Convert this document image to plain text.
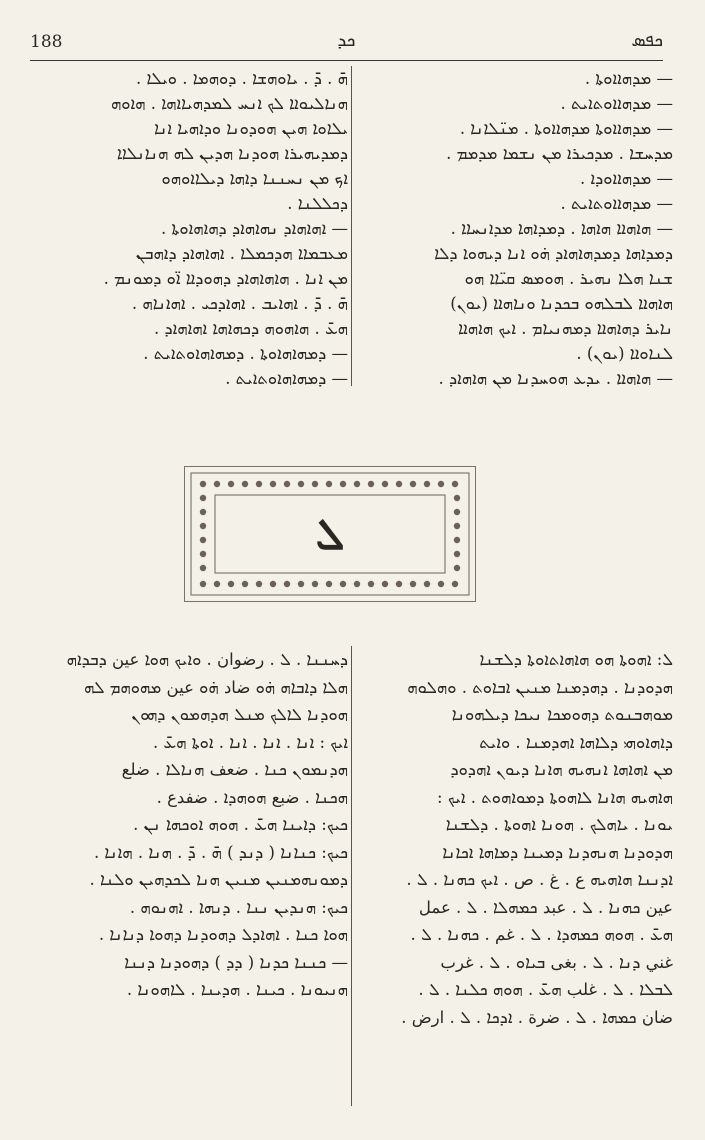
188	ܟܕ	ܟܦܣ
— ܡܕܗܐܐܘܬܐ .
— ܡܕܗܐܐܘܬܐܝܬ .
— ܡܕܗܐܐܘܬܐ ܡܕܗܐܐܘܬܐ . ܡܢ̈ܠܐܢܐ .
ܡܕܚܫܐ . ܡܕܟܝܪܐ ܡܢ ܢܫܡܐ ܡܕܡܡ .
— ܡܕܗܐܐܘܕܐ .
— ܡܕܗܐܐܘܬܐܝܬ .
— ܗܐܗܐܐ ܗܐܗܐ . ܕܡܕܐܗܐ ܡܕܐܢܚܐܐ .
ܕܡܕܐܗܐ ܕܡܕܗܐܗܐܕ ܗ̇ܘ ܐܢܐ ܕܝܗܘܐ ܕܠܐ
ܫܢܐ ܗܠܐ ܢܗܝܪ . ܗܘܡܣ ܩܝ̈ܐܐ ܗܘ
ܗܐܗܐܐ ܠܒܠܗܘ ܒܟܕܢܐ ܘܢܐܗܐܐ (ܝܘܢ)
ܢܐܝܪ ܕܗܐܗܐܐ ܕܡܗܢܝܐܡ . ܐܝܟ ܗܐܗܐܐ
ܠܢܐܘܐܐ (ܝܘܢ) .
— ܗܐܗܐܐ . ܝܕܥ ܗܘܚܕܢܐ ܡܢ ܗܐܗܐܕ .
ܗ̄ . ܕ̄ . ܝܐܘܗܫܐ . ܕܘܗܡܐ . ܘܝܠܐ .
ܗܢܐܠܝܘܐܐ ܠܟ ܐܢܚ ܠܡܕܗܝܐܐܗܐ . ܗܐܘܗ
ܝܠܐܘܐ ܗܝܢ ܗܘܕܘܢܐ ܘܕܐܗܝܐ ܐܢܐ
ܕܡܕܝܗܝܪܐ ܗܘܕܢܐ ܗܕܝܢ ܠܗ ܗܢܐܢܠܐܐ
ܐܟ ܡܢ ܢܚܢܢܐ ܕܐܗܐ ܕܝܠܐܐܘܗܘ
ܕܟܠܠܢܐ .
— ܐܗܐܗܐܕ ܢܗܐܗܐܕ ܕܗܐܗܐܘܬܐ .
ܡܥܒܡܐܐ ܗܕܟܡܠܐ . ܐܗܐܗܐܕ ܕܐܗܒܢ
ܡܢ ܐܢܐ . ܗܐܗܐܗܐܕ ܕܗܘܕܐܐ ܐ̈ܘ ܕܡܘܢܡ .
ܗ̄ . ܕ̄ . ܐܗܐܝܒ . ܐܗܐܕܟܝ . ܐܗܐܢܐܗ .
ܗܥ̄ . ܗܐܗܘܗ ܕܟܗܐܗܐ ܐܗܐܗܐܕ .
— ܕܡܗܐܗܐܘܬܐ . ܕܡܗܐܗܐܘܬܐܝܬ .
— ܕܡܗܐܗܐܘܬܐܝܬ .
ܠ
ܠ: ܐܗܘܬܐ ܗܘ ܗܐܗܐܬܐܘܬܐ ܕܠܫܢܐ
ܗܕܘܕܢܐ . ܕܗܕܡܢܐ ܡܢܝܢ ܐܒܐܘܬ . ܘܗܠܘܗ
ܡܘܗܒܢܘܬ ܕܗܘܡܟܐ ܢܝܟܐ ܕܝܠܗܘܢܐ
ܕܐܗܐܘܗܝ ܕܠܐܗܐ ܐܗܕܡܢܐ . ܘܐܝܬ
ܡܢ ܐܗܐܗܐ ܐܢܗܝܗ ܗܐܢܐ ܕܝܘܢ ܐܗܕܘܕ
ܗܐܗܝܗ ܗܐܢܐ ܠܐܗܘܬܐ ܕܡܘܐܗܘܬ . ܐܝܟ :
ܝܘܢܐ . ܝܐܗܠܟ . ܗܘܢܐ ܐܗܘܬܐ . ܕܠܫܢܐ
ܗܕܘܕܢܐ ܗܢܗܕܢܐ ܕܡܝܢܐ ܕܡܐܗܐ ܐܟܐܢܐ
ܐܕܢܢܐ ܗܐܗܝܗ ع . غ . ص . ܐܝܟ ܟܗܢܐ . ܠ .
عين ܟܗܢܐ . ܠ . عبد ܟܡܗܠܐ . ܠ . عمل
ܗܥ̄ . ܗܘܗ ܟܡܗܕܐ . ܠ . غم . ܟܗܢܐ . ܠ .
غني ܕܢܐ . ܠ . بغى ܒܝܐܘ . ܠ . غرب
ܠܒܠܐ . ܠ . غلب ܗܥ̄ . ܗܘܗ ܟܠܢܐ . ܠ .
ضان ܟܡܗܐ . ܠ . ضرة . ܐܕܟܐ . ܠ . ارض .
ܕܚܢܢܐ . ܠ . رضوان . ܘܐܝܟ ܗܘܐ عين ܕܒܕܐܗ
ܗܠܐ ܕܐܒܐܗ ܗ̇ܘ ضاد ܗ̇ܘ عين ܡܗܘܗܡ ܠܗ
ܗܘܕܢܐ ܠܐܠܟ ܡܢܠ ܗܕܗܡܘܢ ܕܗܘܢ
ܐܝܟ : ܐܢܐ . ܐܢܐ . ܐܢܐ . ܐܘܬܐ ܗܥ̄ .
ܗܕܢܡܘܢ ܟܢܐ . ضعف ܗܢܐܠܐ . ضلع
ܗܟܢܐ . ضبع ܗܘܗܕܐ . ضفدع .
ܟܝܟ: ܕܐܝܢܐ ܗܥ̄ . ܗܘܗ ܐܘܟܗܐ ܢܢ .
ܟܝܟ: ܟܢܐܢܐ ( ܕܢܕ ) ܗ̄ . ܕ̄ . ܗܢܐ . ܗܐܢܐ .
ܕܡܘܢܗܡܢܝܢ ܡܢܝܢ ܗܢܐ ܠܟܕܗܝܢ ܘܠܢܐ .
ܟܝܟ: ܗܢܕܝܢ ܢܢܐ . ܕܢܗܐ . ܐܗܢܘܗ .
ܗܘܐ ܟܢܐ . ܐܗܐܕܠ ܕܗܘܕܢܐ ܕܗܘܐ ܕܢܐܢܐ .
— ܟܢܢܐ ܟܕܢܐ ( ܕܕ ) ܕܗܘܕܢܐ ܕܢܢܐ
ܗܢܝܘܢܐ . ܟܝܢܐ . ܗܕܝܢܐ . ܠܐܗܘܢܐ .
